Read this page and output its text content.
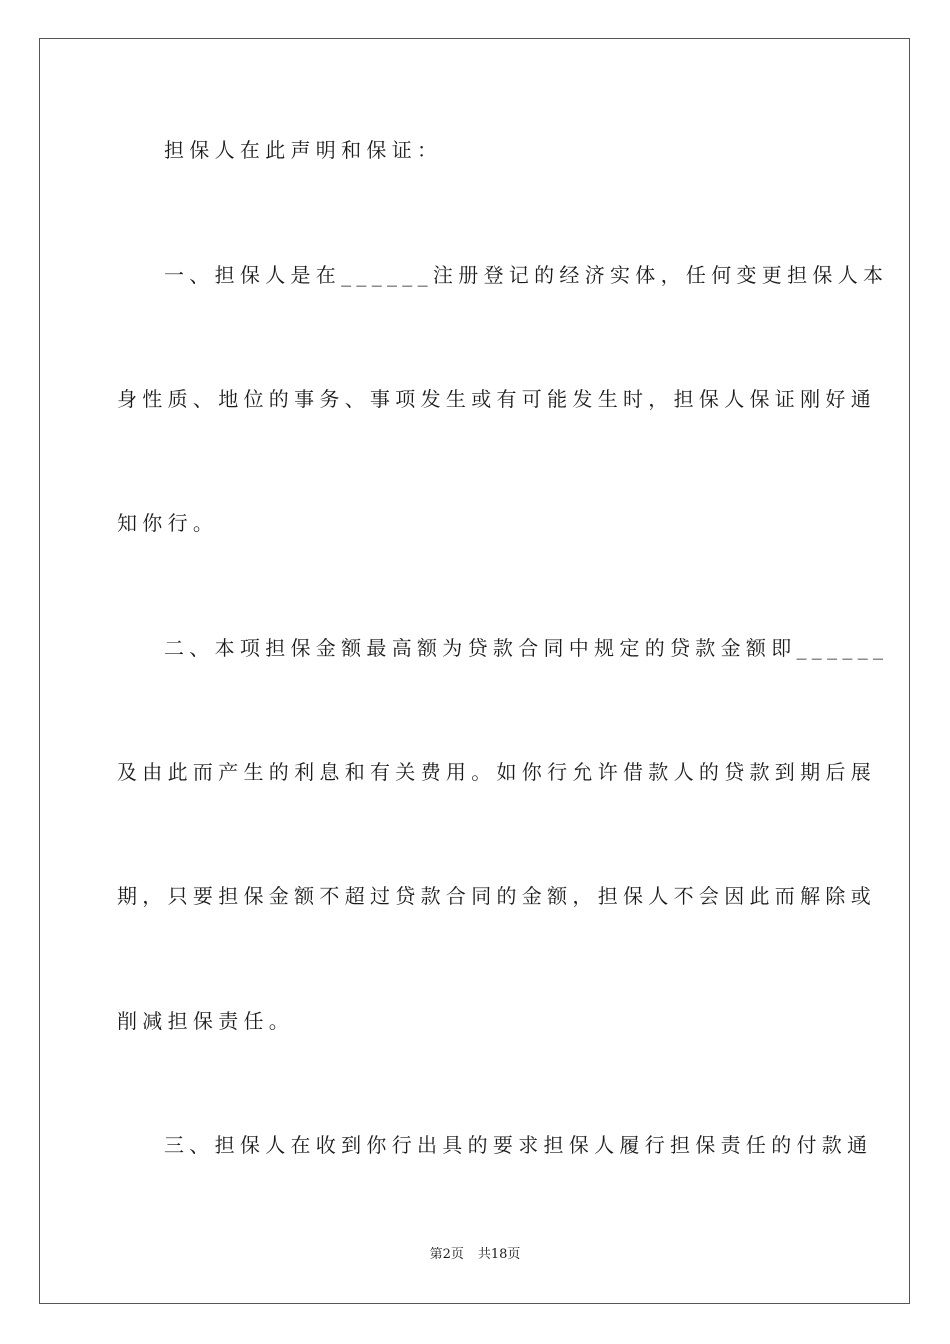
担保人在此声明和保证：
一、担保人是在______注册登记的经济实体，任何变更担保人本
身性质、地位的事务、事项发生或有可能发生时，担保人保证刚好通
知你行。
二、本项担保金额最高额为贷款合同中规定的贷款金额即______
及由此而产生的利息和有关费用。如你行允许借款人的贷款到期后展
期，只要担保金额不超过贷款合同的金额，担保人不会因此而解除或
削减担保责任。
三、担保人在收到你行出具的要求担保人履行担保责任的付款通
第2页 共18页
